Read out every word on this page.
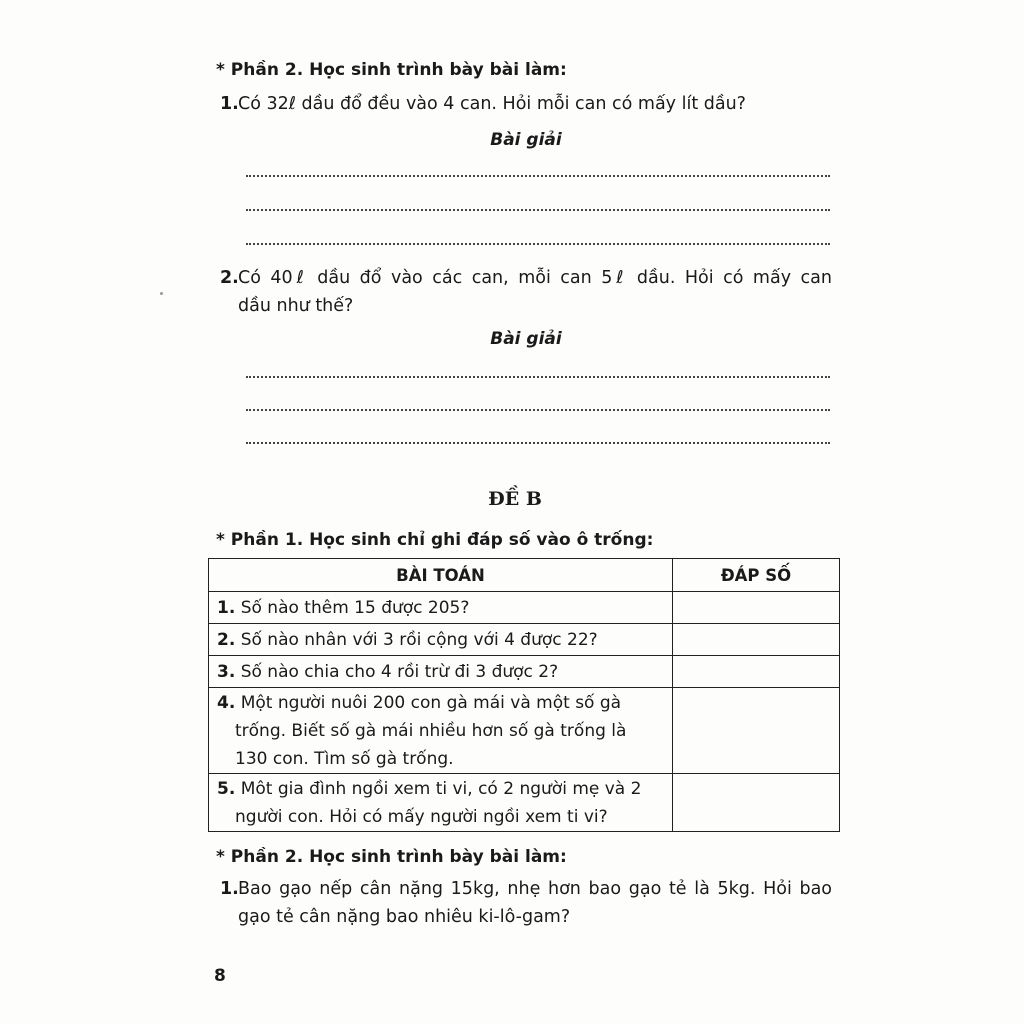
* Phần 2. Học sinh trình bày bài làm:
1. Có 32ℓ dầu đổ đều vào 4 can. Hỏi mỗi can có mấy lít dầu?
Bài giải
2. Có 40ℓ dầu đổ vào các can, mỗi can 5ℓ dầu. Hỏi có mấy can
dầu như thế?
Bài giải
ĐỀ B
* Phần 1. Học sinh chỉ ghi đáp số vào ô trống:
BÀI TOÁN	ĐÁP SỐ
1. Số nào thêm 15 được 205?	
2. Số nào nhân với 3 rồi cộng với 4 được 22?	
3. Số nào chia cho 4 rồi trừ đi 3 được 2?	
4. Một người nuôi 200 con gà mái và một số gà
trống. Biết số gà mái nhiều hơn số gà trống là
130 con. Tìm số gà trống.	
5. Môt gia đình ngồi xem ti vi, có 2 người mẹ và 2
người con. Hỏi có mấy người ngồi xem ti vi?	
* Phần 2. Học sinh trình bày bài làm:
1. Bao gạo nếp cân nặng 15kg, nhẹ hơn bao gạo tẻ là 5kg. Hỏi bao
gạo tẻ cân nặng bao nhiêu ki-lô-gam?
8
